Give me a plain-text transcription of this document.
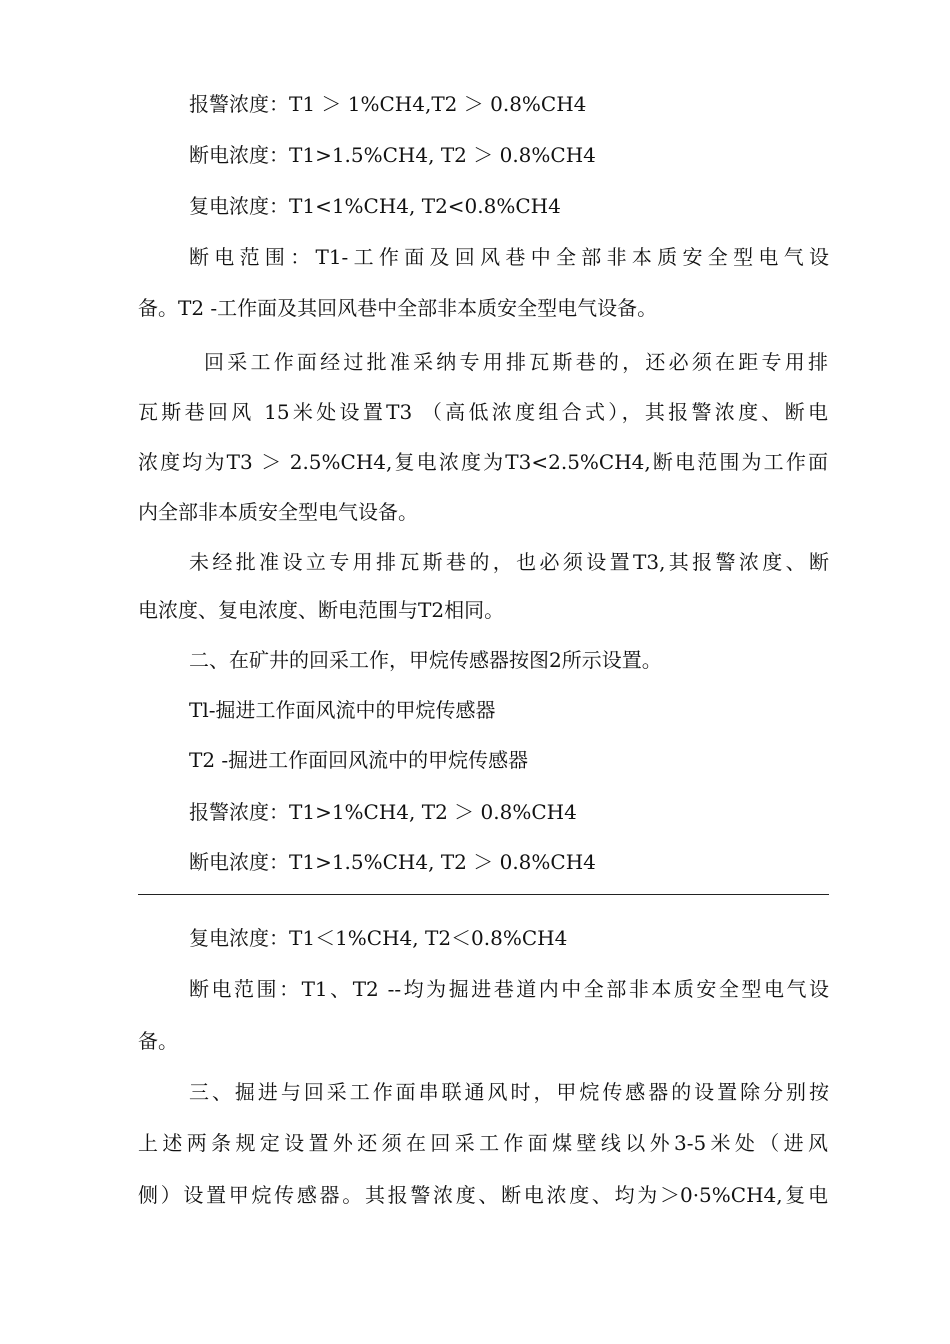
报警浓度：T1 ＞ 1%CH4,T2 ＞ 0.8%CH4
断电浓度：T1>1.5%CH4, T2 ＞ 0.8%CH4
复电浓度：T1<1%CH4, T2<0.8%CH4
断电范围：T1-工作面及回风巷中全部非本质安全型电气设
备。T2 -工作面及其回风巷中全部非本质安全型电气设备。
回采工作面经过批准采纳专用排瓦斯巷的，还必须在距专用排
瓦斯巷回风 15米处设置T3 （高低浓度组合式），其报警浓度、断电
浓度均为T3 ＞ 2.5%CH4,复电浓度为T3<2.5%CH4,断电范围为工作面
内全部非本质安全型电气设备。
未经批准设立专用排瓦斯巷的，也必须设置T3,其报警浓度、断
电浓度、复电浓度、断电范围与T2相同。
二、在矿井的回采工作，甲烷传感器按图2所示设置。
Tl-掘进工作面风流中的甲烷传感器
T2 -掘进工作面回风流中的甲烷传感器
报警浓度：T1>1%CH4, T2 ＞ 0.8%CH4
断电浓度：T1>1.5%CH4, T2 ＞ 0.8%CH4
复电浓度：T1＜1%CH4, T2＜0.8%CH4
断电范围：T1、T2 --均为掘进巷道内中全部非本质安全型电气设
备。
三、掘进与回采工作面串联通风时，甲烷传感器的设置除分别按
上述两条规定设置外还须在回采工作面煤壁线以外3-5米处（进风
侧）设置甲烷传感器。其报警浓度、断电浓度、均为＞0·5%CH4,复电
